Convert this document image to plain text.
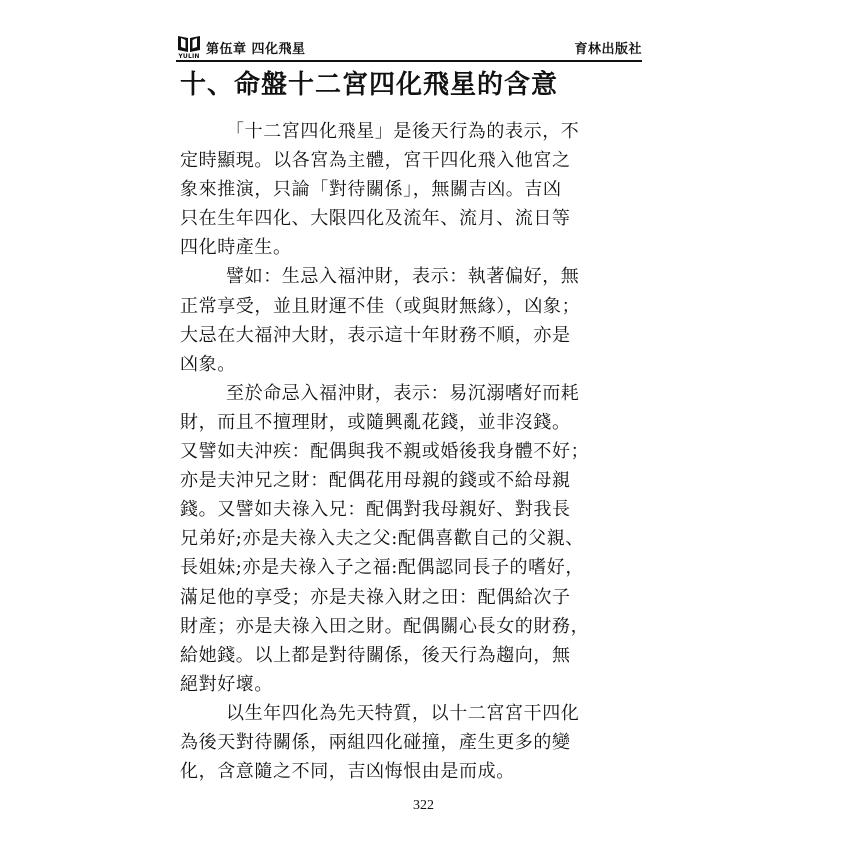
YULIN 第伍章 四化飛星	育林出版社
十、命盤十二宮四化飛星的含意
「十二宮四化飛星」是後天行為的表示，不
定時顯現。以各宮為主體，宮干四化飛入他宮之
象來推演，只論「對待關係」，無關吉凶。吉凶
只在生年四化、大限四化及流年、流月、流日等
四化時產生。
譬如：生忌入福沖財，表示：執著偏好，無
正常享受，並且財運不佳（或與財無緣），凶象；
大忌在大福沖大財，表示這十年財務不順，亦是
凶象。
至於命忌入福沖財，表示：易沉溺嗜好而耗
財，而且不擅理財，或隨興亂花錢，並非沒錢。
又譬如夫沖疾：配偶與我不親或婚後我身體不好；
亦是夫沖兄之財：配偶花用母親的錢或不給母親
錢。又譬如夫祿入兄：配偶對我母親好、對我長
兄弟好;亦是夫祿入夫之父:配偶喜歡自己的父親、
長姐妹;亦是夫祿入子之福:配偶認同長子的嗜好，
滿足他的享受；亦是夫祿入財之田：配偶給次子
財產；亦是夫祿入田之財。配偶關心長女的財務，
給她錢。以上都是對待關係，後天行為趨向，無
絕對好壞。
以生年四化為先天特質，以十二宮宮干四化
為後天對待關係，兩組四化碰撞，產生更多的變
化，含意隨之不同，吉凶悔恨由是而成。
322
